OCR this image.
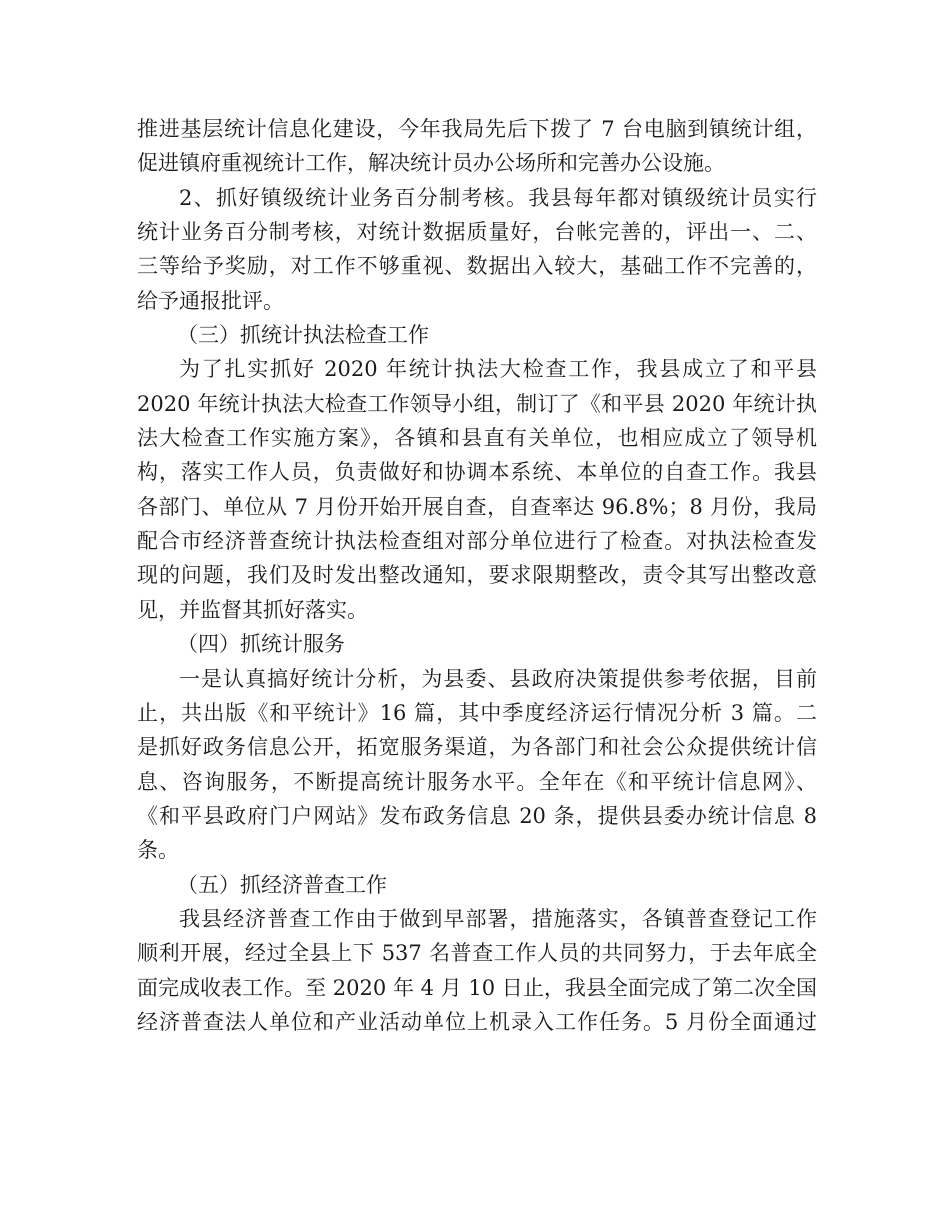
推进基层统计信息化建设，今年我局先后下拨了 7 台电脑到镇统计组，
促进镇府重视统计工作，解决统计员办公场所和完善办公设施。
2、抓好镇级统计业务百分制考核。我县每年都对镇级统计员实行
统计业务百分制考核，对统计数据质量好，台帐完善的，评出一、二、
三等给予奖励，对工作不够重视、数据出入较大，基础工作不完善的，
给予通报批评。
（三）抓统计执法检查工作
为了扎实抓好 2020 年统计执法大检查工作，我县成立了和平县
2020 年统计执法大检查工作领导小组，制订了《和平县 2020 年统计执
法大检查工作实施方案》，各镇和县直有关单位，也相应成立了领导机
构，落实工作人员，负责做好和协调本系统、本单位的自查工作。我县
各部门、单位从 7 月份开始开展自查，自查率达 96.8%；8 月份，我局
配合市经济普查统计执法检查组对部分单位进行了检查。对执法检查发
现的问题，我们及时发出整改通知，要求限期整改，责令其写出整改意
见，并监督其抓好落实。
（四）抓统计服务
一是认真搞好统计分析，为县委、县政府决策提供参考依据，目前
止，共出版《和平统计》16 篇，其中季度经济运行情况分析 3 篇。二
是抓好政务信息公开，拓宽服务渠道，为各部门和社会公众提供统计信
息、咨询服务，不断提高统计服务水平。全年在《和平统计信息网》、
《和平县政府门户网站》发布政务信息 20 条，提供县委办统计信息 8
条。
（五）抓经济普查工作
我县经济普查工作由于做到早部署，措施落实，各镇普查登记工作
顺利开展，经过全县上下 537 名普查工作人员的共同努力，于去年底全
面完成收表工作。至 2020 年 4 月 10 日止，我县全面完成了第二次全国
经济普查法人单位和产业活动单位上机录入工作任务。5 月份全面通过
